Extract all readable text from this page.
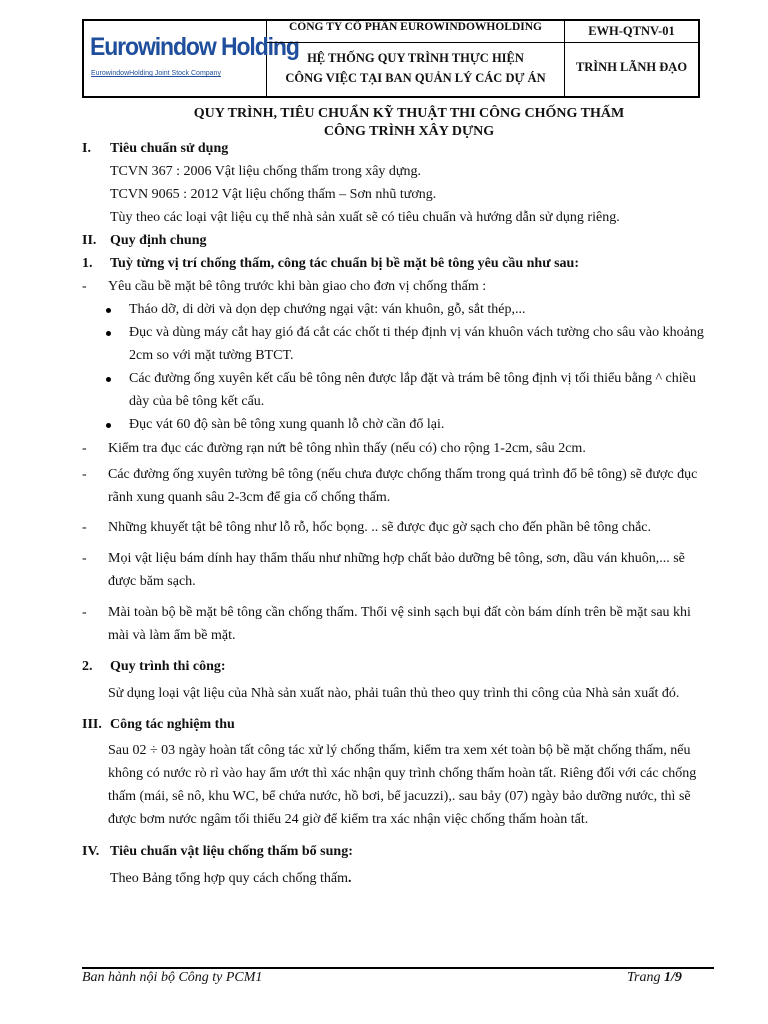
Eurowindow Holding
EurowindowHolding Joint Stock Company
CÔNG TY CỔ PHẦN EUROWINDOWHOLDING	EWH-QTNV-01
HỆ THỐNG QUY TRÌNH THỰC HIỆN
CÔNG VIỆC TẠI BAN QUẢN LÝ CÁC DỰ ÁN
TRÌNH LÃNH ĐẠO
QUY TRÌNH, TIÊU CHUẨN KỸ THUẬT THI CÔNG CHỐNG THẤM
CÔNG TRÌNH XÂY DỰNG
I. Tiêu chuẩn sử dụng
TCVN 367 : 2006 Vật liệu chống thấm trong xây dựng.
TCVN 9065 : 2012 Vật liệu chống thấm – Sơn nhũ tương.
Tùy theo các loại vật liệu cụ thể nhà sản xuất sẽ có tiêu chuẩn và hướng dẫn sử dụng riêng.
II. Quy định chung
1. Tuỳ từng vị trí chống thấm, công tác chuẩn bị bề mặt bê tông yêu cầu như sau:
- Yêu cầu bề mặt bê tông trước khi bàn giao cho đơn vị chống thấm :
Tháo dỡ, di dời và dọn dẹp chướng ngại vật: ván khuôn, gỗ, sắt thép,...
Đục và dùng máy cắt hay gió đá cắt các chốt ti thép định vị ván khuôn vách tường cho sâu vào khoảng
2cm so với mặt tường BTCT.
Các đường ống xuyên kết cấu bê tông nên được lắp đặt và trám bê tông định vị tối thiểu bằng ^ chiều
dày của bê tông kết cấu.
Đục vát 60 độ sàn bê tông xung quanh lỗ chờ cần đổ lại.
- Kiểm tra đục các đường rạn nứt bê tông nhìn thấy (nếu có) cho rộng 1-2cm, sâu 2cm.
- Các đường ống xuyên tường bê tông (nếu chưa được chống thấm trong quá trình đổ bê tông) sẽ được đục
rãnh xung quanh sâu 2-3cm để gia cố chống thấm.
- Những khuyết tật bê tông như lỗ rỗ, hốc bọng. .. sẽ được đục gờ sạch cho đến phần bê tông chắc.
- Mọi vật liệu bám dính hay thẩm thấu như những hợp chất bảo dưỡng bê tông, sơn, dầu ván khuôn,... sẽ
được băm sạch.
- Mài toàn bộ bề mặt bê tông cần chống thấm. Thổi vệ sinh sạch bụi đất còn bám dính trên bề mặt sau khi
mài và làm ẩm bề mặt.
2. Quy trình thi công:
Sử dụng loại vật liệu của Nhà sản xuất nào, phải tuân thủ theo quy trình thi công của Nhà sản xuất đó.
III. Công tác nghiệm thu
Sau 02 ÷ 03 ngày hoàn tất công tác xử lý chống thấm, kiểm tra xem xét toàn bộ bề mặt chống thấm, nếu
không có nước rò rỉ vào hay ẩm ướt thì xác nhận quy trình chống thấm hoàn tất. Riêng đối với các chống
thấm (mái, sê nô, khu WC, bể chứa nước, hồ bơi, bể jacuzzi),. sau bảy (07) ngày bảo dưỡng nước, thì sẽ
được bơm nước ngâm tối thiểu 24 giờ để kiểm tra xác nhận việc chống thấm hoàn tất.
IV. Tiêu chuẩn vật liệu chống thấm bổ sung:
Theo Bảng tổng hợp quy cách chống thấm.
Ban hành nội bộ Công ty PCM1	Trang 1/9
